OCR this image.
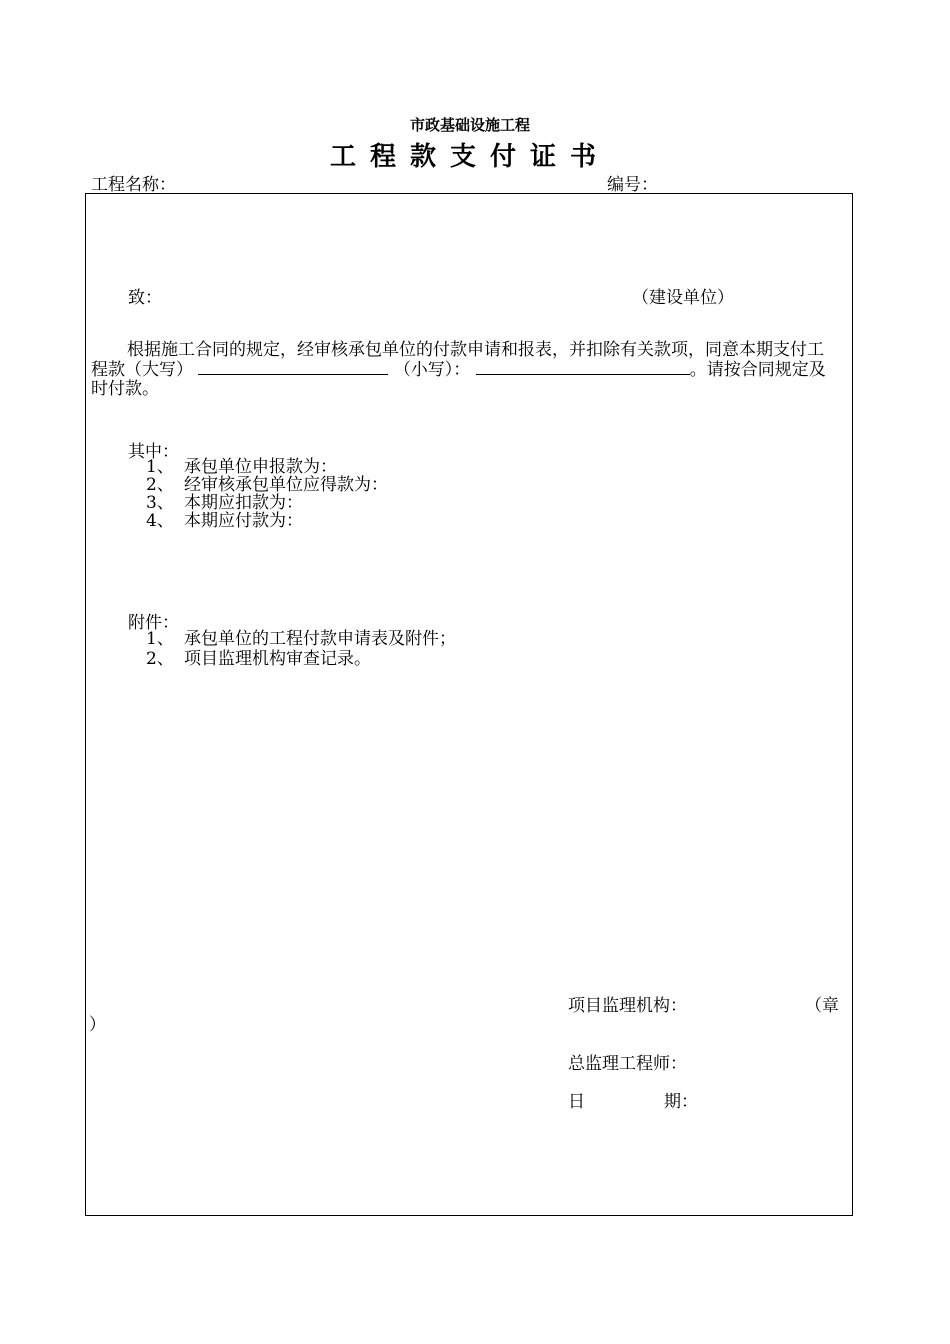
市政基础设施工程
工程款支付证书
工程名称：	编号：
致：	（建设单位）
根据施工合同的规定，经审核承包单位的付款申请和报表，并扣除有关款项，同意本期支付工程款（大写）	（小写）：	。请按合同规定及时付款。
其中：
1、 承包单位申报款为：
2、 经审核承包单位应得款为：
3、 本期应扣款为：
4、 本期应付款为：
附件：
1、 承包单位的工程付款申请表及附件；
2、 项目监理机构审查记录。
项目监理机构：	（章
）
总监理工程师：
日	期：
